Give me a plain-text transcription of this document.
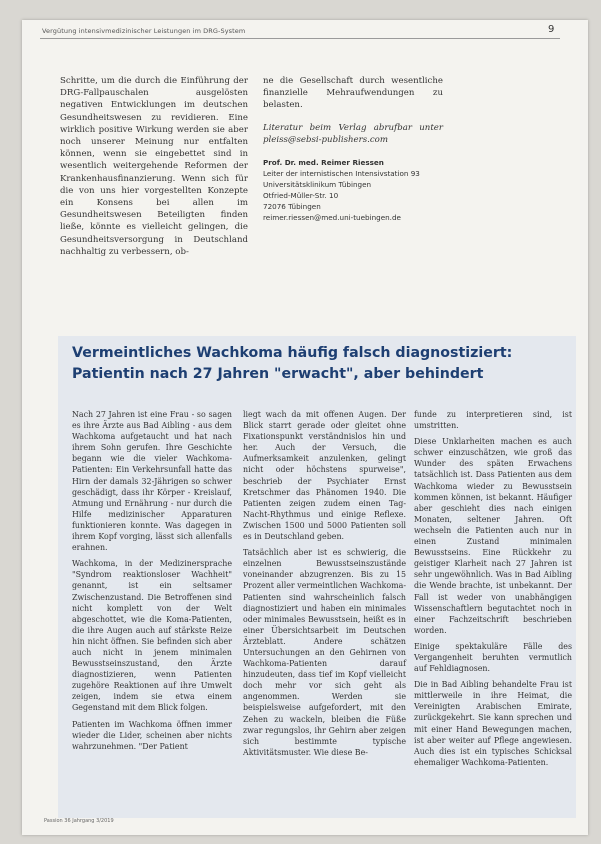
Vergütung intensivmedizinischer Leistungen im DRG-System	9

Schritte, um die durch die Einführung der DRG-Fallpauschalen ausgelösten negativen Entwicklungen im deutschen Gesundheitswesen zu revidieren. Eine wirklich positive Wirkung werden sie aber noch unserer Meinung nur entfalten können, wenn sie eingebettet sind in wesentlich weitergehende Reformen der Krankenhausfinanzierung. Wenn sich für die von uns hier vorgestellten Konzepte ein Konsens bei allen im Gesundheitswesen Beteiligten finden ließe, könnte es vielleicht gelingen, die Gesundheitsversorgung in Deutschland nachhaltig zu verbessern, ob-

ne die Gesellschaft durch wesentliche finanzielle Mehraufwendungen zu belasten.

Literatur beim Verlag abrufbar unter pleiss@sebsi-publishers.com

Prof. Dr. med. Reimer Riessen
Leiter der internistischen Intensivstation 93
Universitätsklinikum Tübingen
Otfried-Müller-Str. 10
72076 Tübingen
reimer.riessen@med.uni-tuebingen.de
Vermeintliches Wachkoma häufig falsch diagnostiziert: Patientin nach 27 Jahren "erwacht", aber behindert

Nach 27 Jahren ist eine Frau - so sagen es ihre Ärzte aus Bad Aibling - aus dem Wachkoma aufgetaucht und hat nach ihrem Sohn gerufen. Ihre Geschichte begann wie die vieler Wachkoma-Patienten: Ein Verkehrsunfall hatte das Hirn der damals 32-Jährigen so schwer geschädigt, dass ihr Körper - Kreislauf, Atmung und Ernährung - nur durch die Hilfe medizinischer Apparaturen funktionieren konnte. Was dagegen in ihrem Kopf vorging, lässt sich allenfalls erahnen.

Wachkoma, in der Medizinersprache "Syndrom reaktionsloser Wachheit" genannt, ist ein seltsamer Zwischenzustand. Die Betroffenen sind nicht komplett von der Welt abgeschottet, wie die Koma-Patienten, die ihre Augen auch auf stärkste Reize hin nicht öffnen. Sie befinden sich aber auch nicht in jenem minimalen Bewusstseinszustand, den Ärzte diagnostizieren, wenn Patienten zugehöre Reaktionen auf ihre Umwelt zeigen, indem sie etwa einem Gegenstand mit dem Blick folgen.

Patienten im Wachkoma öffnen immer wieder die Lider, scheinen aber nichts wahrzunehmen. "Der Patient

liegt wach da mit offenen Augen. Der Blick starrt gerade oder gleitet ohne Fixationspunkt verständnislos hin und her. Auch der Versuch, die Aufmerksamkeit anzulenken, gelingt nicht oder höchstens spurweise", beschrieb der Psychiater Ernst Kretschmer das Phänomen 1940. Die Patienten zeigen zudem einen Tag-Nacht-Rhythmus und einige Reflexe. Zwischen 1500 und 5000 Patienten soll es in Deutschland geben.

Tatsächlich aber ist es schwierig, die einzelnen Bewusstseinszustände voneinander abzugrenzen. Bis zu 15 Prozent aller vermeintlichen Wachkoma-Patienten sind wahrscheinlich falsch diagnostiziert und haben ein minimales oder minimales Bewusstsein, heißt es in einer Übersichtsarbeit im Deutschen Ärzteblatt. Andere schätzen Untersuchungen an den Gehirnen von Wachkoma-Patienten darauf hinzudeuten, dass tief im Kopf vielleicht doch mehr vor sich geht als angenommen. Werden sie beispielsweise aufgefordert, mit den Zehen zu wackeln, bleiben die Füße zwar regungslos, ihr Gehirn aber zeigen sich bestimmte typische Aktivitätsmuster. Wie diese Be-

funde zu interpretieren sind, ist umstritten.

Diese Unklarheiten machen es auch schwer einzuschätzen, wie groß das Wunder des späten Erwachens tatsächlich ist. Dass Patienten aus dem Wachkoma wieder zu Bewusstsein kommen können, ist bekannt. Häufiger aber geschieht dies nach einigen Monaten, seltener Jahren. Oft wechseln die Patienten auch nur in einen Zustand minimalen Bewusstseins. Eine Rückkehr zu geistiger Klarheit nach 27 Jahren ist sehr ungewöhnlich. Was in Bad Aibling die Wende brachte, ist unbekannt. Der Fall ist weder von unabhängigen Wissenschaftlern begutachtet noch in einer Fachzeitschrift beschrieben worden.

Einige spektakuläre Fälle des Vergangenheit beruhten vermutlich auf Fehldiagnosen.

Die in Bad Aibling behandelte Frau ist mittlerweile in ihre Heimat, die Vereinigten Arabischen Emirate, zurückgekehrt. Sie kann sprechen und mit einer Hand Bewegungen machen, ist aber weiter auf Pflege angewiesen. Auch dies ist ein typisches Schicksal ehemaliger Wachkoma-Patienten.

Passion 36 Jahrgang 3/2019
